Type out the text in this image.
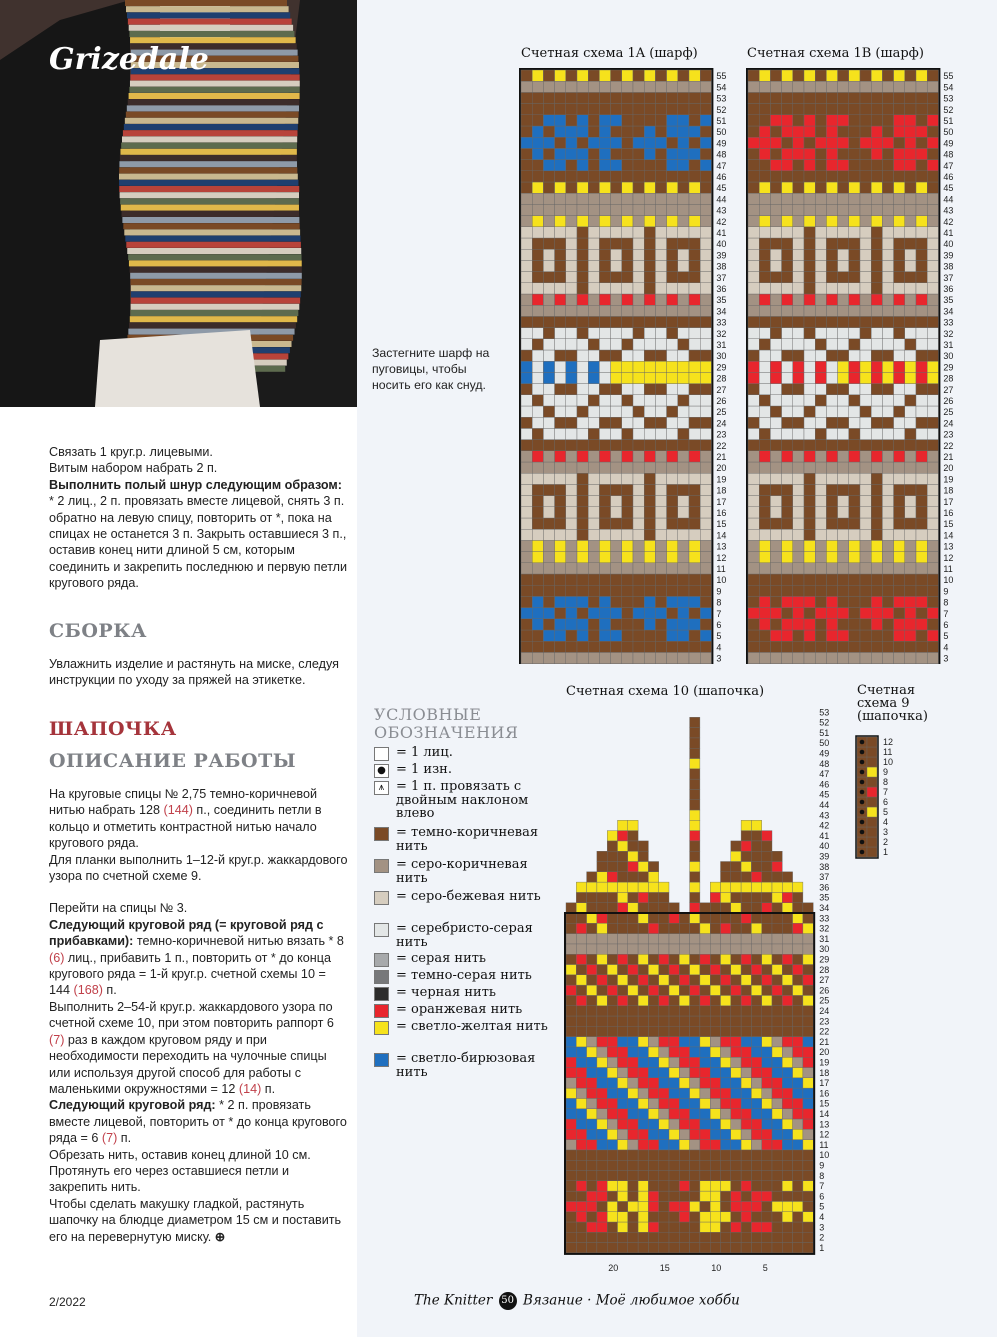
Grizedale

Связать 1 круг.р. лицевыми.

Витым набором набрать 2 п.

Выполнить полый шнур следующим образом: * 2 лиц., 2 п. провязать вместе лицевой, снять 3 п. обратно на левую спицу, повторить от *, пока на спицах не останется 3 п. Закрыть оставшиеся 3 п., оставив конец нити длиной 5 см, которым соединить и закрепить последнюю и первую петли кругового ряда.

СБОРКА
Увлажнить изделие и растянуть на миске, следуя инструкции по уходу за пряжей на этикетке.
ШАПОЧКА
ОПИСАНИЕ РАБОТЫ

На круговые спицы № 2,75 темно-коричневой нитью набрать 128 (144) п., соединить петли в кольцо и отметить контрастной нитью начало кругового ряда.

Для планки выполнить 1–12-й круг.р. жаккардового узора по счетной схеме 9.

Перейти на спицы № 3.

Следующий круговой ряд (= круговой ряд с прибавками): темно-коричневой нитью вязать * 8 (6) лиц., прибавить 1 п., повторить от * до конца кругового ряда = 1-й круг.р. счетной схемы 10 = 144 (168) п.

Выполнить 2–54-й круг.р. жаккардового узора по счетной схеме 10, при этом повторить раппорт 6 (7) раз в каждом круговом ряду и при необходимости переходить на чулочные спицы или используя другой способ для работы с маленькими окружностями = 12 (14) п.

Следующий круговой ряд: * 2 п. провязать вместе лицевой, повторить от * до конца кругового ряда = 6 (7) п.

Обрезать нить, оставив конец длиной 10 см. Протянуть его через оставшиеся петли и закрепить нить.

Чтобы сделать макушку гладкой, растянуть шапочку на блюдце диаметром 15 см и поставить его на перевернутую миску. ⊕

2/2022
Счетная схема 1A (шарф)	Счетная схема 1B (шарф)
3
4
5
6
7
8
9
10
11
12
13
14
15
16
17
18
19
20
21
22
23
24
25
26
27
28
29
30
31
32
33
34
35
36
37
38
39
40
41
42
43
44
45
46
47
48
49
50
51
52
53
54
55
3
4
5
6
7
8
9
10
11
12
13
14
15
16
17
18
19
20
21
22
23
24
25
26
27
28
29
30
31
32
33
34
35
36
37
38
39
40
41
42
43
44
45
46
47
48
49
50
51
52
53
54
55
Застегните шарф на пуговицы, чтобы носить его как снуд.
Счетная схема 10 (шапочка)	Счетная схема 9 (шапочка)
1
2
3
4
5
6
7
8
9
10
11
12
13
14
15
16
17
18
19
20
21
22
23
24
25
26
27
28
29
30
31
32
33
34
35
36
37
38
39
40
41
42
43
44
45
46
47
48
49
50
51
52
53
20	15	10	5
1
2
3
4
5
6
7
8
9
10
11
12
УСЛОВНЫЕ
ОБОЗНАЧЕНИЯ
= 1 лиц.
● = 1 изн.
⩚ = 1 п. провязать с двойным наклоном влево
= темно-коричневая нить
= серо-коричневая нить
= серо-бежевая нить
= серебристо-серая нить
= серая нить
= темно-серая нить
= черная нить
= оранжевая нить
= светло-желтая нить
= светло-бирюзовая нить
The Knitter 50 Вязание · Моё любимое хобби
